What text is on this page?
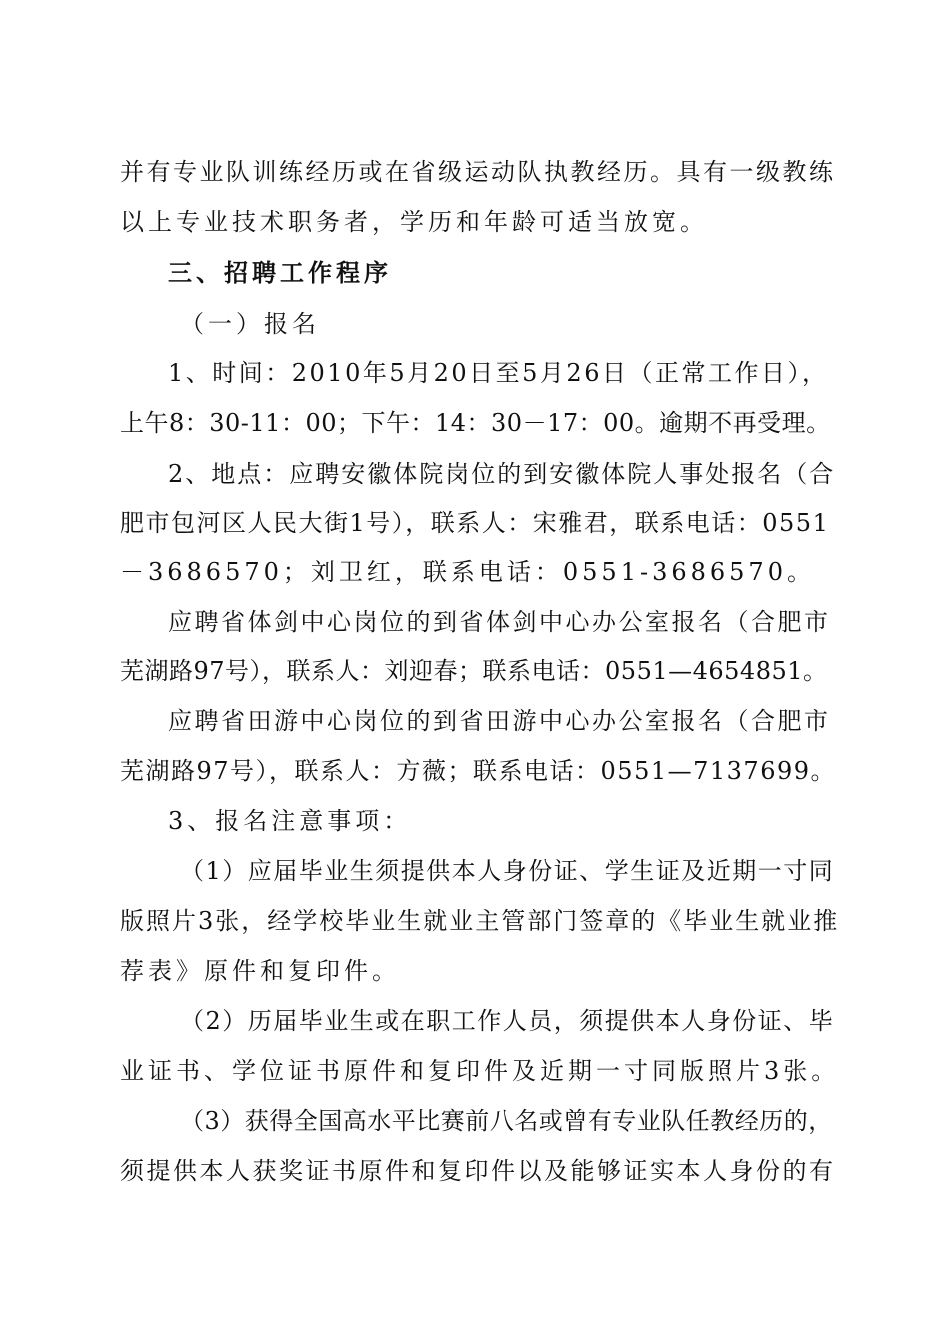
并有专业队训练经历或在省级运动队执教经历。具有一级教练
以上专业技术职务者，学历和年龄可适当放宽。
三、招聘工作程序
（一）报名
1、时间：2010年5月20日至5月26日（正常工作日），
上午8：30-11：00；下午：14：30－17：00。逾期不再受理。
2、地点：应聘安徽体院岗位的到安徽体院人事处报名（合
肥市包河区人民大街1号），联系人：宋雅君，联系电话：0551
－3686570；刘卫红，联系电话：0551-3686570。
应聘省体剑中心岗位的到省体剑中心办公室报名（合肥市
芜湖路97号），联系人：刘迎春；联系电话：0551—4654851。
应聘省田游中心岗位的到省田游中心办公室报名（合肥市
芜湖路97号），联系人：方薇；联系电话：0551—7137699。
3、报名注意事项：
（1）应届毕业生须提供本人身份证、学生证及近期一寸同
版照片3张，经学校毕业生就业主管部门签章的《毕业生就业推
荐表》原件和复印件。
（2）历届毕业生或在职工作人员，须提供本人身份证、毕
业证书、学位证书原件和复印件及近期一寸同版照片3张。
（3）获得全国高水平比赛前八名或曾有专业队任教经历的，
须提供本人获奖证书原件和复印件以及能够证实本人身份的有
